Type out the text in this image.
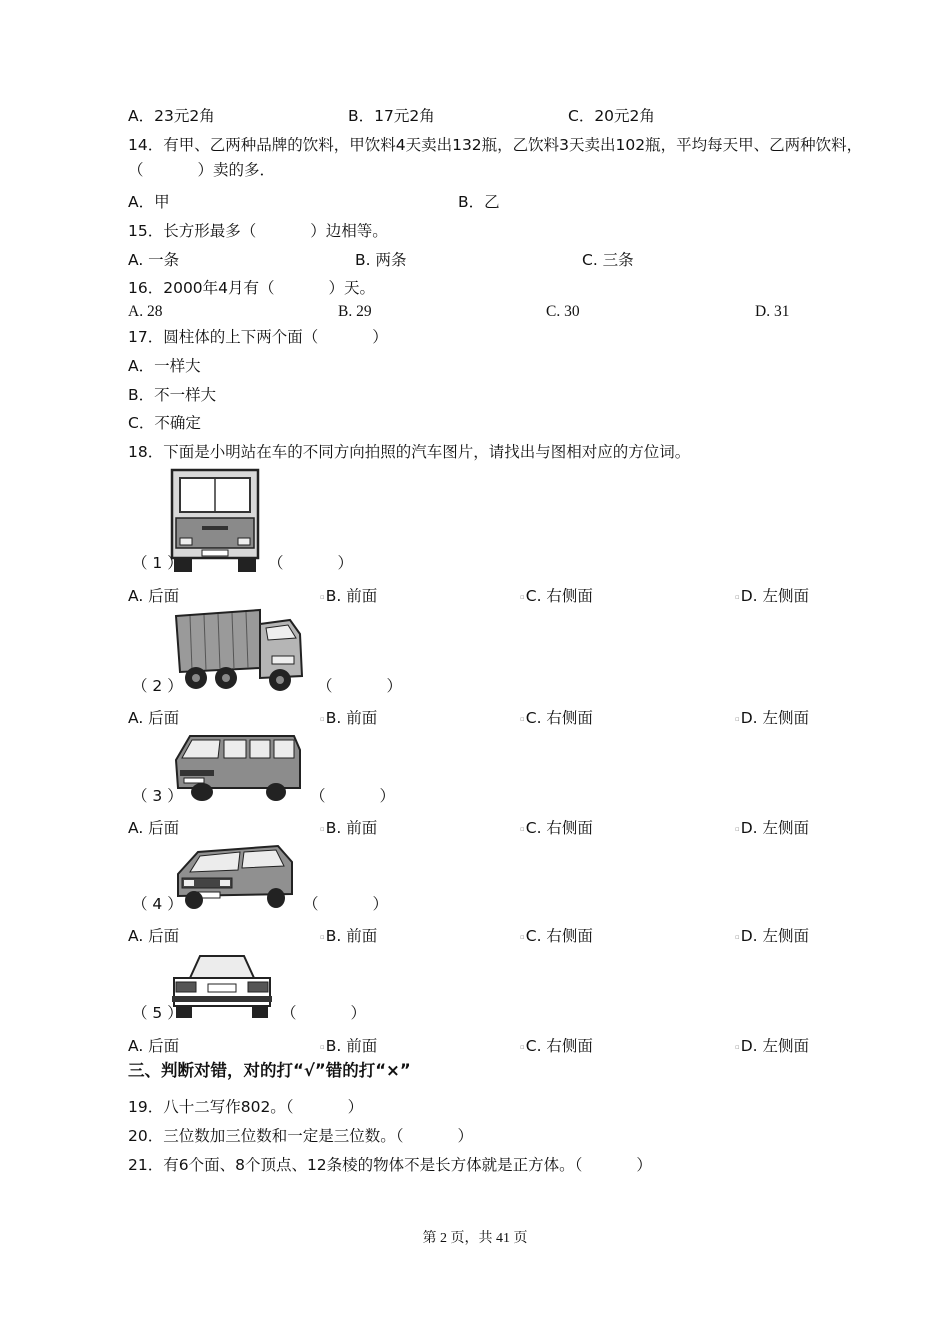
A．23元2角	B．17元2角	C．20元2角
14．有甲、乙两种品牌的饮料，甲饮料4天卖出132瓶，乙饮料3天卖出102瓶，平均每天甲、乙两种饮料，
（	）卖的多．
A．甲	B．乙
15．长方形最多（	）边相等。
A. 一条	B. 两条	C. 三条
16．2000年4月有（	）天。
A. 28	B. 29	C. 30	D. 31
17．圆柱体的上下两个面（	）
A．一样大
B．不一样大
C．不确定
18．下面是小明站在车的不同方向拍照的汽车图片，请找出与图相对应的方位词。
（ 1 ）	（	）
A. 后面	▫B. 前面	▫C. 右侧面	▫D. 左侧面
（ 2 ）	（	）
A. 后面	▫B. 前面	▫C. 右侧面	▫D. 左侧面
（ 3 ）	（	）
A. 后面	▫B. 前面	▫C. 右侧面	▫D. 左侧面
（ 4 ）	（	）
A. 后面	▫B. 前面	▫C. 右侧面	▫D. 左侧面
（ 5 ）	（	）
A. 后面	▫B. 前面	▫C. 右侧面	▫D. 左侧面
三、判断对错，对的打“√”错的打“×”
19．八十二写作802。（	）
20．三位数加三位数和一定是三位数。（	）
21．有6个面、8个顶点、12条棱的物体不是长方体就是正方体。（	）
第 2 页，共 41 页
